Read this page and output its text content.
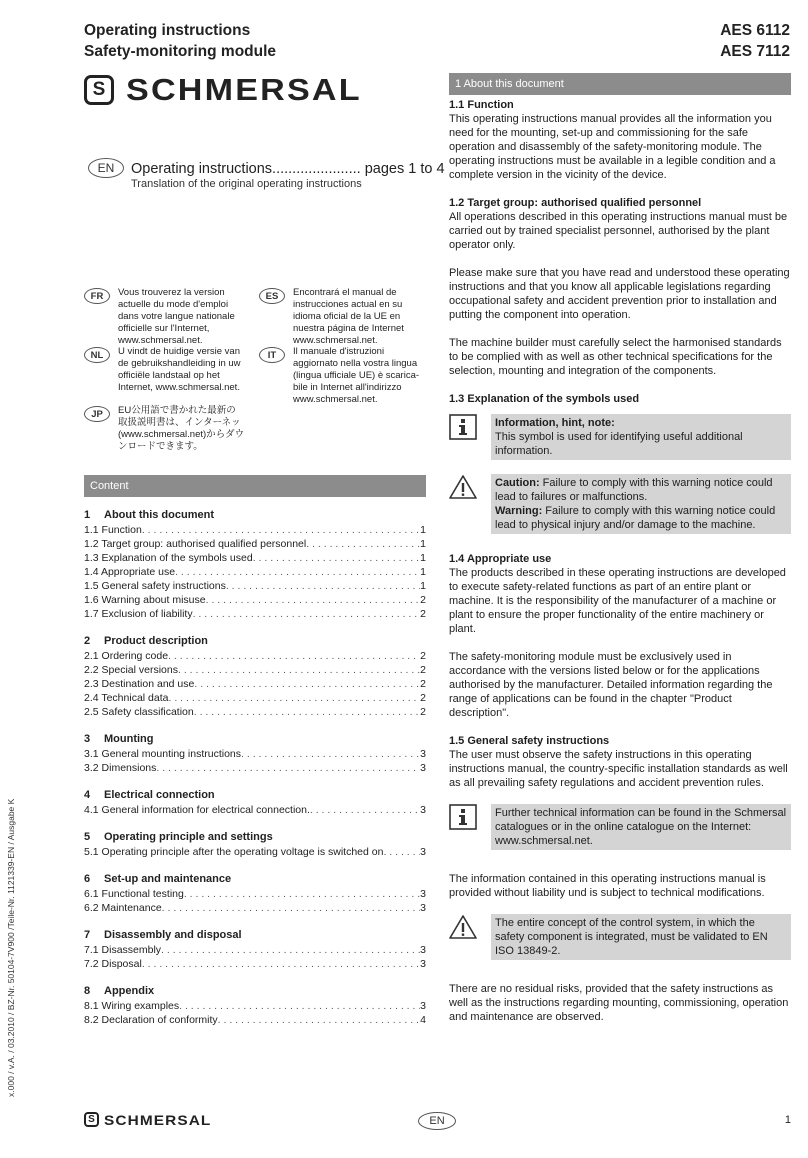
Operating instructions
Safety-monitoring module
AES 6112
AES 7112
S SCHMERSAL
EN	Operating instructions...................... pages 1 to 4
Translation of the original operating instructions
FR	Vous trouverez la version
actuelle du mode d'emploi
dans votre langue nationale
officielle sur l'Internet,
www.schmersal.net.
ES	Encontrará el manual de
instrucciones actual en su
idioma oficial de la UE en
nuestra página de Internet
www.schmersal.net.
NL	U vindt de huidige versie van
de gebruikshandleiding in uw
officiële landstaal op het
Internet, www.schmersal.net.
IT	Il manuale d'istruzioni
aggiornato nella vostra lingua
(lingua ufficiale UE) è scarica-
bile in Internet all'indirizzo
www.schmersal.net.
JP	EU公用語で書かれた最新の
取扱説明書は、インターネッ
(www.schmersal.net)からダウ
ンロードできます。
Content
1 About this document
1.1 Function . . .	1
1.2 Target group: authorised qualified personnel . . .	1
1.3 Explanation of the symbols used . . .	1
1.4 Appropriate use . . .	1
1.5 General safety instructions . . .	1
1.6 Warning about misuse . . .	2
1.7 Exclusion of liability . . .	2
2 Product description
2.1 Ordering code . . .	2
2.2 Special versions . . .	2
2.3 Destination and use . . .	2
2.4 Technical data . . .	2
2.5 Safety classification . . .	2
3 Mounting
3.1 General mounting instructions . . .	3
3.2 Dimensions . . .	3
4 Electrical connection
4.1 General information for electrical connection. . . .	3
5 Operating principle and settings
5.1 Operating principle after the operating voltage is switched on . . .	3
6 Set-up and maintenance
6.1 Functional testing . . .	3
6.2 Maintenance . . .	3
7 Disassembly and disposal
7.1 Disassembly . . .	3
7.2 Disposal . . .	3
8 Appendix
8.1 Wiring examples . . .	3
8.2 Declaration of conformity . . .	4
x.000 / v.A. / 03.2010 / BZ-Nr. 50104-7V900 /Teile-Nr. 1121339-EN / Ausgabe K
1 About this document
1.1 Function

This operating instructions manual provides all the information you need for the mounting, set-up and commissioning for the safe operation and disassembly of the safety-monitoring module. The operating instructions must be available in a legible condition and a complete version in the vicinity of the device.

1.2 Target group: authorised qualified personnel

All operations described in this operating instructions manual must be carried out by trained specialist personnel, authorised by the plant operator only.

Please make sure that you have read and understood these operating instructions and that you know all applicable legislations regarding occupational safety and accident prevention prior to installation and putting the component into operation.

The machine builder must carefully select the harmonised standards to be complied with as well as other technical specifications for the selection, mounting and integration of the components.

1.3 Explanation of the symbols used
Information, hint, note:
This symbol is used for identifying useful additional information.
Caution: Failure to comply with this warning notice could lead to failures or malfunctions.
Warning: Failure to comply with this warning notice could lead to physical injury and/or damage to the machine.
1.4 Appropriate use

The products described in these operating instructions are developed to execute safety-related functions as part of an entire plant or machine. It is the responsibility of the manufacturer of a machine or plant to ensure the proper functionality of the entire machinery or plant.

The safety-monitoring module must be exclusively used in accordance with the versions listed below or for the applications authorised by the manufacturer. Detailed information regarding the range of applications can be found in the chapter "Product description".

1.5 General safety instructions

The user must observe the safety instructions in this operating instructions manual, the country-specific installation standards as well as all prevailing safety regulations and accident prevention rules.

Further technical information can be found in the Schmersal catalogues or in the online catalogue on the Internet: www.schmersal.net.

The information contained in this operating instructions manual is provided without liability und is subject to technical modifications.

The entire concept of the control system, in which the safety component is integrated, must be validated to EN ISO 13849-2.

There are no residual risks, provided that the safety instructions as well as the instructions regarding mounting, commissioning, operation and maintenance are observed.

S SCHMERSAL	EN	1
